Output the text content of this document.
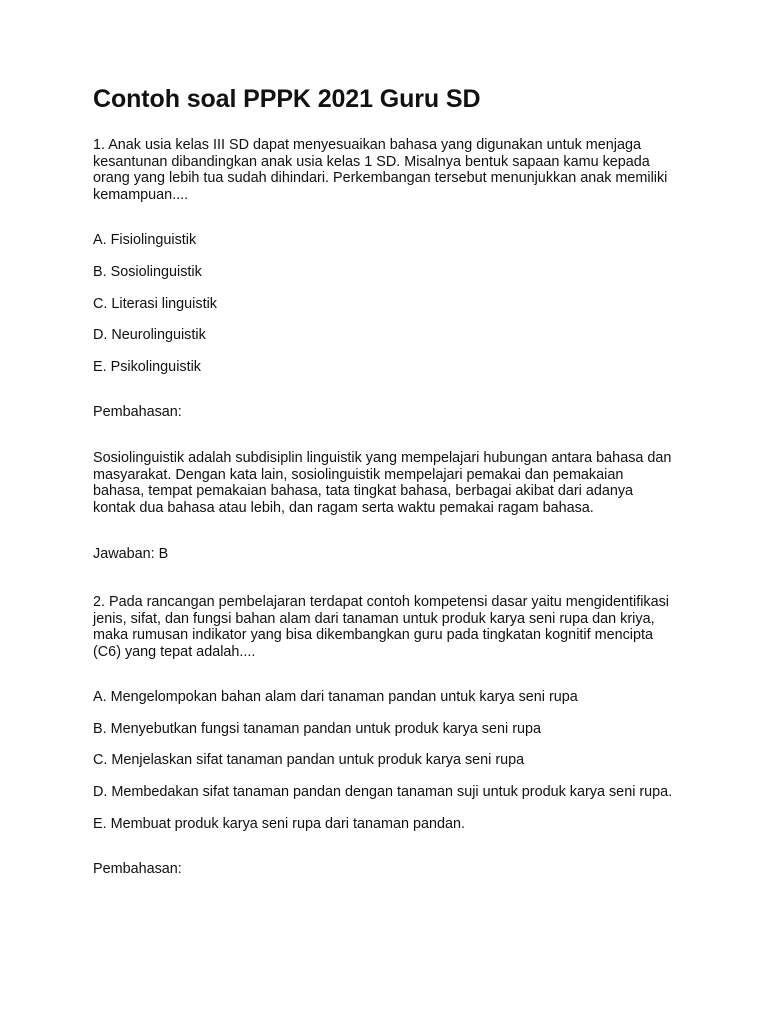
Contoh soal PPPK 2021 Guru SD

1. Anak usia kelas III SD dapat menyesuaikan bahasa yang digunakan untuk menjaga kesantunan dibandingkan anak usia kelas 1 SD. Misalnya bentuk sapaan kamu kepada orang yang lebih tua sudah dihindari. Perkembangan tersebut menunjukkan anak memiliki kemampuan....

A. Fisiolinguistik

B. Sosiolinguistik

C. Literasi linguistik

D. Neurolinguistik

E. Psikolinguistik

Pembahasan:

Sosiolinguistik adalah subdisiplin linguistik yang mempelajari hubungan antara bahasa dan masyarakat. Dengan kata lain, sosiolinguistik mempelajari pemakai dan pemakaian bahasa, tempat pemakaian bahasa, tata tingkat bahasa, berbagai akibat dari adanya kontak dua bahasa atau lebih, dan ragam serta waktu pemakai ragam bahasa.

Jawaban: B

2. Pada rancangan pembelajaran terdapat contoh kompetensi dasar yaitu mengidentifikasi jenis, sifat, dan fungsi bahan alam dari tanaman untuk produk karya seni rupa dan kriya, maka rumusan indikator yang bisa dikembangkan guru pada tingkatan kognitif mencipta (C6) yang tepat adalah....

A. Mengelompokan bahan alam dari tanaman pandan untuk karya seni rupa

B. Menyebutkan fungsi tanaman pandan untuk produk karya seni rupa

C. Menjelaskan sifat tanaman pandan untuk produk karya seni rupa

D. Membedakan sifat tanaman pandan dengan tanaman suji untuk produk karya seni rupa.

E. Membuat produk karya seni rupa dari tanaman pandan.

Pembahasan:
